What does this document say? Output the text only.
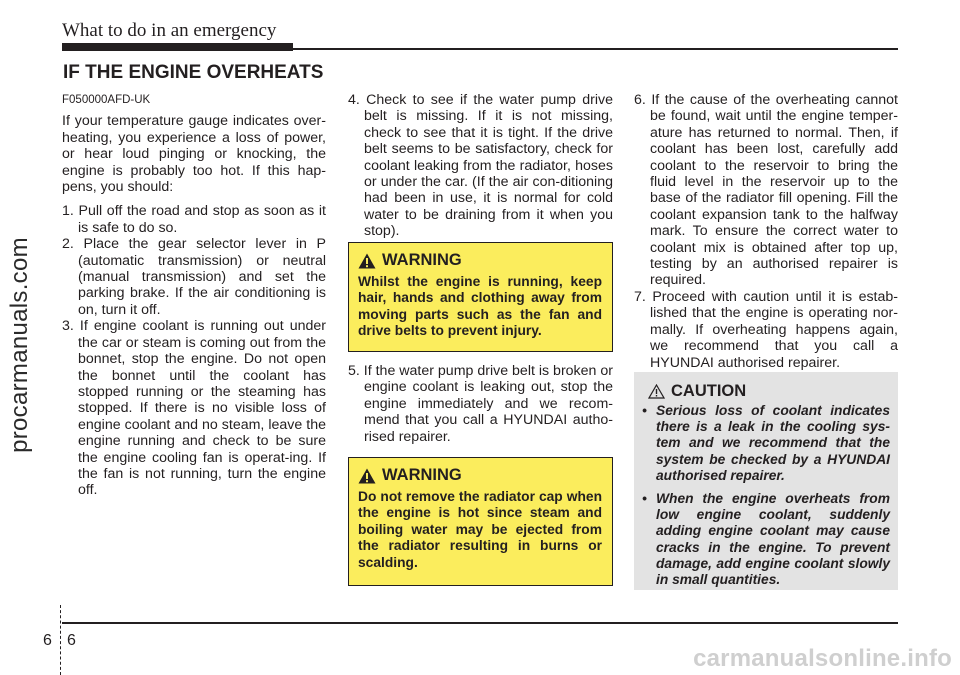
What to do in an emergency
procarmanuals.com
IF THE ENGINE OVERHEATS

F050000AFD-UK

If your temperature gauge indicates over-heating, you experience a loss of power, or hear loud pinging or knocking, the engine is probably too hot. If this hap-pens, you should:

1. Pull off the road and stop as soon as it is safe to do so.
2. Place the gear selector lever in P (automatic transmission) or neutral (manual transmission) and set the parking brake. If the air conditioning is on, turn it off.
3. If engine coolant is running out under the car or steam is coming out from the bonnet, stop the engine. Do not open the bonnet until the coolant has stopped running or the steaming has stopped. If there is no visible loss of engine coolant and no steam, leave the engine running and check to be sure the engine cooling fan is operat-ing. If the fan is not running, turn the engine off.
4. Check to see if the water pump drive belt is missing. If it is not missing, check to see that it is tight. If the drive belt seems to be satisfactory, check for coolant leaking from the radiator, hoses or under the car. (If the air con-ditioning had been in use, it is normal for cold water to be draining from it when you stop).
WARNING
Whilst the engine is running, keep hair, hands and clothing away from moving parts such as the fan and drive belts to prevent injury.
5. If the water pump drive belt is broken or engine coolant is leaking out, stop the engine immediately and we recom-mend that you call a HYUNDAI autho-rised repairer.
WARNING
Do not remove the radiator cap when the engine is hot since steam and boiling water may be ejected from the radiator resulting in burns or scalding.
6. If the cause of the overheating cannot be found, wait until the engine temper-ature has returned to normal. Then, if coolant has been lost, carefully add coolant to the reservoir to bring the fluid level in the reservoir up to the base of the radiator fill opening. Fill the coolant expansion tank to the halfway mark. To ensure the correct water to coolant mix is obtained after top up, testing by an authorised repairer is required.
7. Proceed with caution until it is estab-lished that the engine is operating nor-mally. If overheating happens again, we recommend that you call a HYUNDAI authorised repairer.
CAUTION
• Serious loss of coolant indicates there is a leak in the cooling sys-tem and we recommend that the system be checked by a HYUNDAI authorised repairer.
• When the engine overheats from low engine coolant, suddenly adding engine coolant may cause cracks in the engine. To prevent damage, add engine coolant slowly in small quantities.
6 6
carmanualsonline.info
